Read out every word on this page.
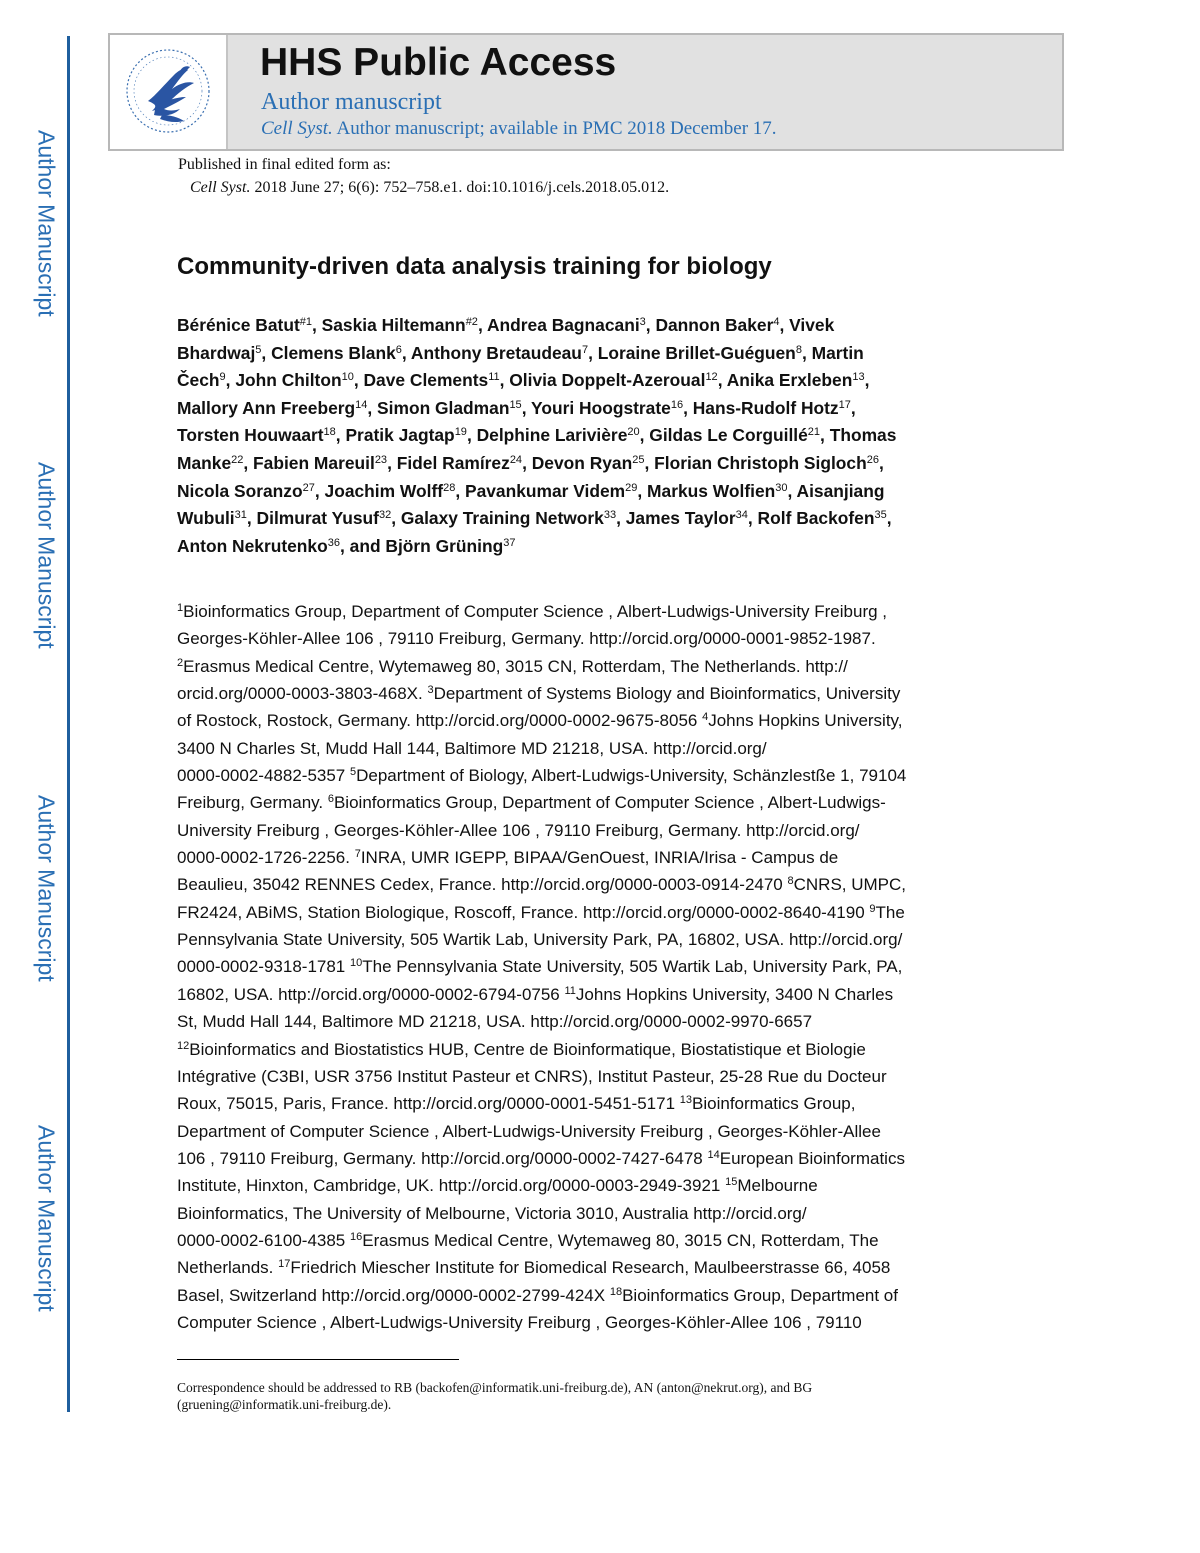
Author Manuscript
Author Manuscript
Author Manuscript
Author Manuscript
HHS Public Access
Author manuscript
Cell Syst. Author manuscript; available in PMC 2018 December 17.
Published in final edited form as:
Cell Syst. 2018 June 27; 6(6): 752–758.e1. doi:10.1016/j.cels.2018.05.012.
Community-driven data analysis training for biology
Bérénice Batut$^{\#1}$, Saskia Hiltemann$^{\#2}$, Andrea Bagnacani$^3$, Dannon Baker$^4$, Vivek
Bhardwaj$^5$, Clemens Blank$^6$, Anthony Bretaudeau$^7$, Loraine Brillet-Guéguen$^8$, Martin
Čech$^9$, John Chilton$^{10}$, Dave Clements$^{11}$, Olivia Doppelt-Azeroual$^{12}$, Anika Erxleben$^{13}$,
Mallory Ann Freeberg$^{14}$, Simon Gladman$^{15}$, Youri Hoogstrate$^{16}$, Hans-Rudolf Hotz$^{17}$,
Torsten Houwaart$^{18}$, Pratik Jagtap$^{19}$, Delphine Larivière$^{20}$, Gildas Le Corguillé$^{21}$, Thomas
Manke$^{22}$, Fabien Mareuil$^{23}$, Fidel Ramírez$^{24}$, Devon Ryan$^{25}$, Florian Christoph Sigloch$^{26}$,
Nicola Soranzo$^{27}$, Joachim Wolff$^{28}$, Pavankumar Videm$^{29}$, Markus Wolfien$^{30}$, Aisanjiang
Wubuli$^{31}$, Dilmurat Yusuf$^{32}$, Galaxy Training Network$^{33}$, James Taylor$^{34}$, Rolf Backofen$^{35}$,
Anton Nekrutenko$^{36}$, and Björn Grüning$^{37}$
$^1$Bioinformatics Group, Department of Computer Science , Albert-Ludwigs-University Freiburg ,
Georges-Köhler-Allee 106 , 79110 Freiburg, Germany. http://orcid.org/0000-0001-9852-1987.
$^2$Erasmus Medical Centre, Wytemaweg 80, 3015 CN, Rotterdam, The Netherlands. http://
orcid.org/0000-0003-3803-468X. $^3$Department of Systems Biology and Bioinformatics, University
of Rostock, Rostock, Germany. http://orcid.org/0000-0002-9675-8056 $^4$Johns Hopkins University,
3400 N Charles St, Mudd Hall 144, Baltimore MD 21218, USA. http://orcid.org/
0000-0002-4882-5357 $^5$Department of Biology, Albert-Ludwigs-University, Schänzlestße 1, 79104
Freiburg, Germany. $^6$Bioinformatics Group, Department of Computer Science , Albert-Ludwigs-
University Freiburg , Georges-Köhler-Allee 106 , 79110 Freiburg, Germany. http://orcid.org/
0000-0002-1726-2256. $^7$INRA, UMR IGEPP, BIPAA/GenOuest, INRIA/Irisa - Campus de
Beaulieu, 35042 RENNES Cedex, France. http://orcid.org/0000-0003-0914-2470 $^8$CNRS, UMPC,
FR2424, ABiMS, Station Biologique, Roscoff, France. http://orcid.org/0000-0002-8640-4190 $^9$The
Pennsylvania State University, 505 Wartik Lab, University Park, PA, 16802, USA. http://orcid.org/
0000-0002-9318-1781 $^{10}$The Pennsylvania State University, 505 Wartik Lab, University Park, PA,
16802, USA. http://orcid.org/0000-0002-6794-0756 $^{11}$Johns Hopkins University, 3400 N Charles
St, Mudd Hall 144, Baltimore MD 21218, USA. http://orcid.org/0000-0002-9970-6657
$^{12}$Bioinformatics and Biostatistics HUB, Centre de Bioinformatique, Biostatistique et Biologie
Intégrative (C3BI, USR 3756 Institut Pasteur et CNRS), Institut Pasteur, 25-28 Rue du Docteur
Roux, 75015, Paris, France. http://orcid.org/0000-0001-5451-5171 $^{13}$Bioinformatics Group,
Department of Computer Science , Albert-Ludwigs-University Freiburg , Georges-Köhler-Allee
106 , 79110 Freiburg, Germany. http://orcid.org/0000-0002-7427-6478 $^{14}$European Bioinformatics
Institute, Hinxton, Cambridge, UK. http://orcid.org/0000-0003-2949-3921 $^{15}$Melbourne
Bioinformatics, The University of Melbourne, Victoria 3010, Australia http://orcid.org/
0000-0002-6100-4385 $^{16}$Erasmus Medical Centre, Wytemaweg 80, 3015 CN, Rotterdam, The
Netherlands. $^{17}$Friedrich Miescher Institute for Biomedical Research, Maulbeerstrasse 66, 4058
Basel, Switzerland http://orcid.org/0000-0002-2799-424X $^{18}$Bioinformatics Group, Department of
Computer Science , Albert-Ludwigs-University Freiburg , Georges-Köhler-Allee 106 , 79110
Correspondence should be addressed to RB (backofen@informatik.uni-freiburg.de), AN (anton@nekrut.org), and BG
(gruening@informatik.uni-freiburg.de).
